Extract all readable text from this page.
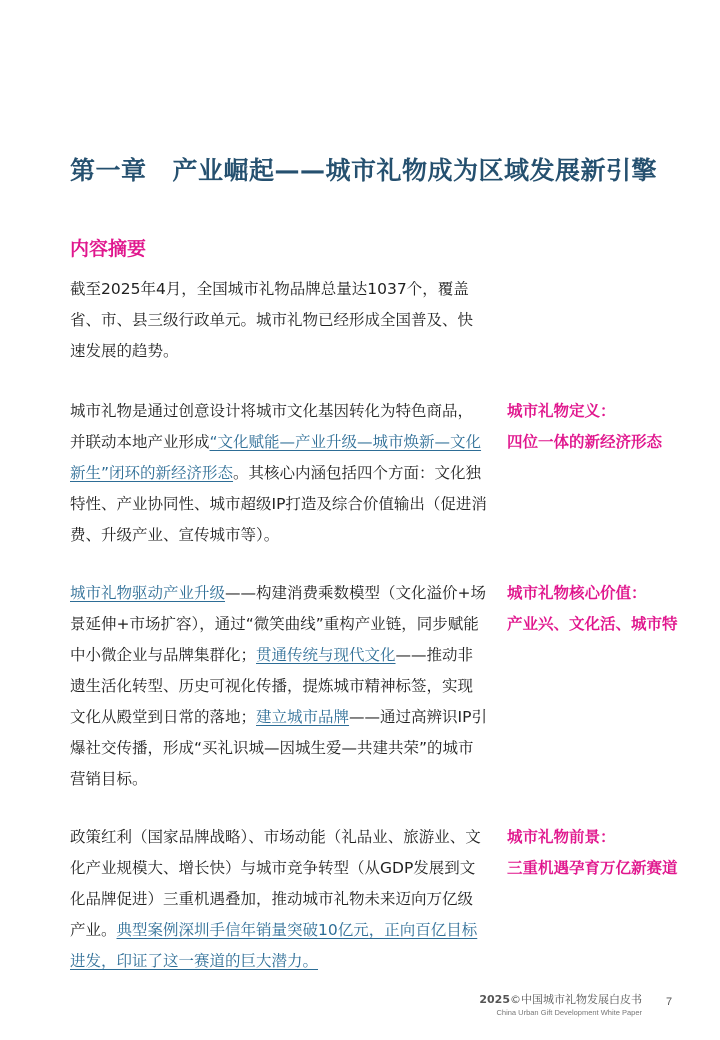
第一章 产业崛起——城市礼物成为区域发展新引擎
内容摘要

截至2025年4月，全国城市礼物品牌总量达1037个，覆盖省、市、县三级行政单元。城市礼物已经形成全国普及、快速发展的趋势。

城市礼物是通过创意设计将城市文化基因转化为特色商品，并联动本地产业形成“文化赋能—产业升级—城市焕新—文化新生”闭环的新经济形态。其核心内涵包括四个方面：文化独特性、产业协同性、城市超级IP打造及综合价值输出（促进消费、升级产业、宣传城市等）。

城市礼物定义：
四位一体的新经济形态

城市礼物驱动产业升级——构建消费乘数模型（文化溢价+场景延伸+市场扩容），通过“微笑曲线”重构产业链，同步赋能中小微企业与品牌集群化；贯通传统与现代文化——推动非遗生活化转型、历史可视化传播，提炼城市精神标签，实现文化从殿堂到日常的落地；建立城市品牌——通过高辨识IP引爆社交传播，形成“买礼识城—因城生爱—共建共荣”的城市营销目标。

城市礼物核心价值：
产业兴、文化活、城市特

政策红利（国家品牌战略）、市场动能（礼品业、旅游业、文化产业规模大、增长快）与城市竞争转型（从GDP发展到文化品牌促进）三重机遇叠加，推动城市礼物未来迈向万亿级产业。典型案例深圳手信年销量突破10亿元，正向百亿目标进发，印证了这一赛道的巨大潜力。

城市礼物前景：
三重机遇孕育万亿新赛道

2025©中国城市礼物发展白皮书
China Urban Gift Development White Paper
7
